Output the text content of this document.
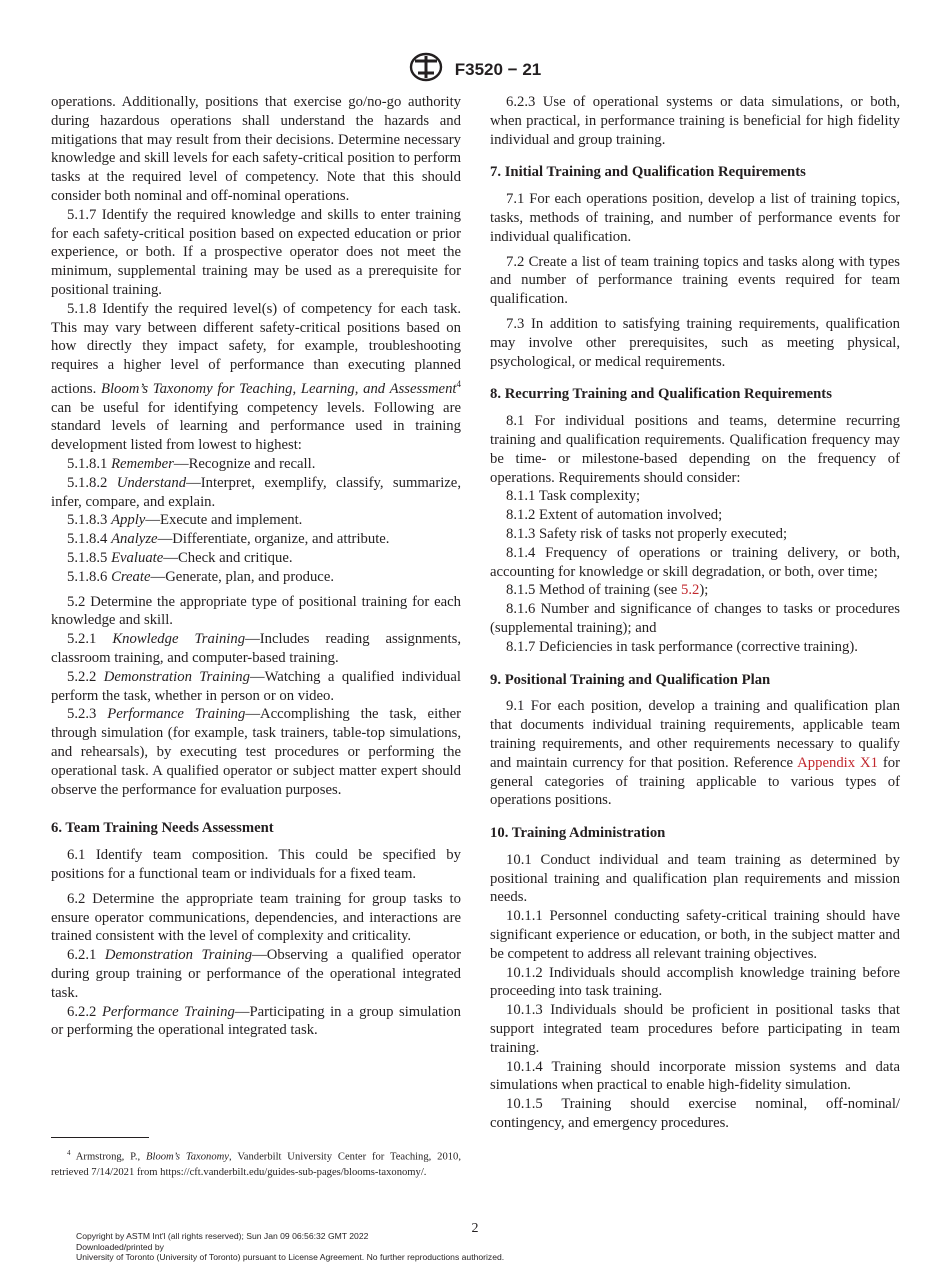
F3520 − 21

operations. Additionally, positions that exercise go/no-go authority during hazardous operations shall understand the hazards and mitigations that may result from their decisions. Determine necessary knowledge and skill levels for each safety-critical position to perform tasks at the required level of competency. Note that this should consider both nominal and off-nominal operations.

5.1.7 Identify the required knowledge and skills to enter training for each safety-critical position based on expected education or prior experience, or both. If a prospective operator does not meet the minimum, supplemental training may be used as a prerequisite for positional training.

5.1.8 Identify the required level(s) of competency for each task. This may vary between different safety-critical positions based on how directly they impact safety, for example, troubleshooting requires a higher level of performance than executing planned actions. Bloom’s Taxonomy for Teaching, Learning, and Assessment$^4$ can be useful for identifying competency levels. Following are standard levels of learning and performance used in training development listed from lowest to highest:

5.1.8.1 Remember—Recognize and recall.

5.1.8.2 Understand—Interpret, exemplify, classify, summarize, infer, compare, and explain.

5.1.8.3 Apply—Execute and implement.

5.1.8.4 Analyze—Differentiate, organize, and attribute.

5.1.8.5 Evaluate—Check and critique.

5.1.8.6 Create—Generate, plan, and produce.

5.2 Determine the appropriate type of positional training for each knowledge and skill.

5.2.1 Knowledge Training—Includes reading assignments, classroom training, and computer-based training.

5.2.2 Demonstration Training—Watching a qualified individual perform the task, whether in person or on video.

5.2.3 Performance Training—Accomplishing the task, either through simulation (for example, task trainers, table-top simulations, and rehearsals), by executing test procedures or performing the operational task. A qualified operator or subject matter expert should observe the performance for evaluation purposes.

6. Team Training Needs Assessment

6.1 Identify team composition. This could be specified by positions for a functional team or individuals for a fixed team.

6.2 Determine the appropriate team training for group tasks to ensure operator communications, dependencies, and interactions are trained consistent with the level of complexity and criticality.

6.2.1 Demonstration Training—Observing a qualified operator during group training or performance of the operational integrated task.

6.2.2 Performance Training—Participating in a group simulation or performing the operational integrated task.

6.2.3 Use of operational systems or data simulations, or both, when practical, in performance training is beneficial for high fidelity individual and group training.

7. Initial Training and Qualification Requirements

7.1 For each operations position, develop a list of training topics, tasks, methods of training, and number of performance events for individual qualification.

7.2 Create a list of team training topics and tasks along with types and number of performance training events required for team qualification.

7.3 In addition to satisfying training requirements, qualification may involve other prerequisites, such as meeting physical, psychological, or medical requirements.

8. Recurring Training and Qualification Requirements

8.1 For individual positions and teams, determine recurring training and qualification requirements. Qualification frequency may be time- or milestone-based depending on the frequency of operations. Requirements should consider:

8.1.1 Task complexity;

8.1.2 Extent of automation involved;

8.1.3 Safety risk of tasks not properly executed;

8.1.4 Frequency of operations or training delivery, or both, accounting for knowledge or skill degradation, or both, over time;

8.1.5 Method of training (see 5.2);

8.1.6 Number and significance of changes to tasks or procedures (supplemental training); and

8.1.7 Deficiencies in task performance (corrective training).

9. Positional Training and Qualification Plan

9.1 For each position, develop a training and qualification plan that documents individual training requirements, applicable team training requirements, and other requirements necessary to qualify and maintain currency for that position. Reference Appendix X1 for general categories of training applicable to various types of operations positions.

10. Training Administration

10.1 Conduct individual and team training as determined by positional training and qualification plan requirements and mission needs.

10.1.1 Personnel conducting safety-critical training should have significant experience or education, or both, in the subject matter and be competent to address all relevant training objectives.

10.1.2 Individuals should accomplish knowledge training before proceeding into task training.

10.1.3 Individuals should be proficient in positional tasks that support integrated team procedures before participating in team training.

10.1.4 Training should incorporate mission systems and data simulations when practical to enable high-fidelity simulation.

10.1.5 Training should exercise nominal, off-nominal/ contingency, and emergency procedures.

$^4$ Armstrong, P., Bloom’s Taxonomy, Vanderbilt University Center for Teaching, 2010, retrieved 7/14/2021 from https://cft.vanderbilt.edu/guides-sub-pages/blooms-taxonomy/.
2
Copyright by ASTM Int'l (all rights reserved); Sun Jan 09 06:56:32 GMT 2022
Downloaded/printed by
University of Toronto (University of Toronto) pursuant to License Agreement. No further reproductions authorized.
